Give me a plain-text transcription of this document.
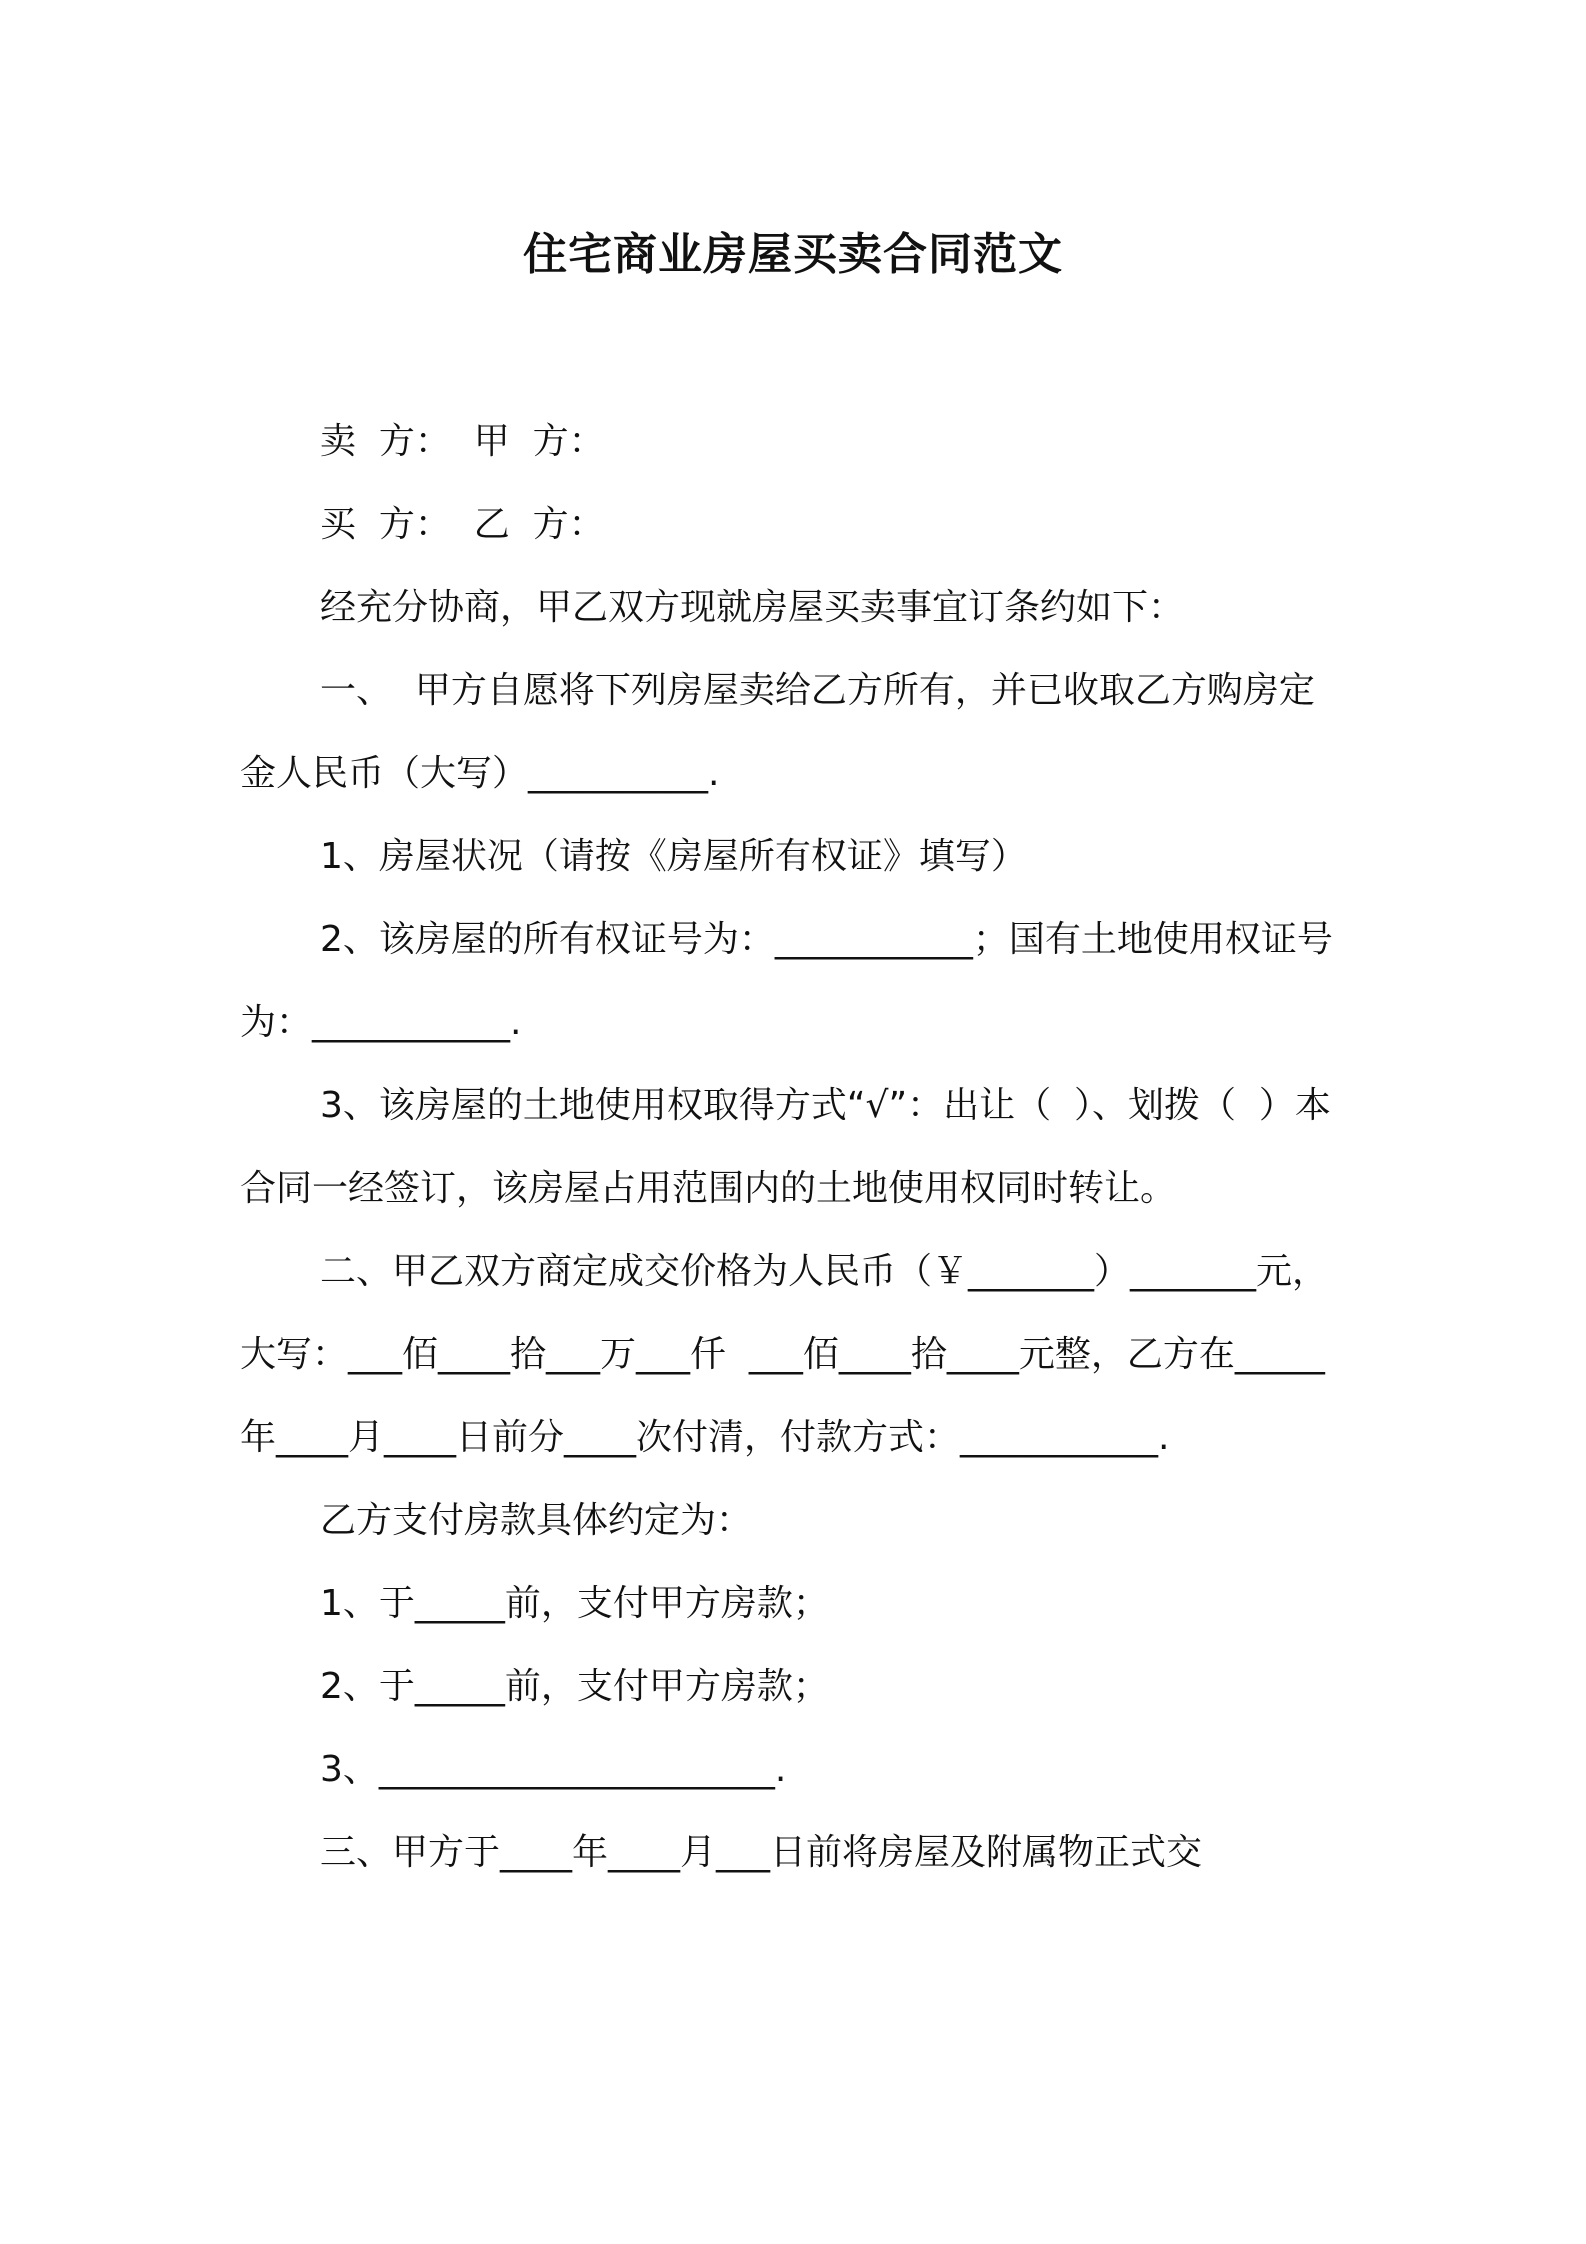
住宅商业房屋买卖合同范文

卖  方：  甲  方：

买  方：  乙  方：

经充分协商，甲乙双方现就房屋买卖事宜订条约如下：

一、  甲方自愿将下列房屋卖给乙方所有，并已收取乙方购房定金人民币（大写）__________.

1、房屋状况（请按《房屋所有权证》填写）

2、该房屋的所有权证号为：___________；国有土地使用权证号为：___________.

3、该房屋的土地使用权取得方式“√”：出让（  ）、划拨（  ）本合同一经签订，该房屋占用范围内的土地使用权同时转让。

二、甲乙双方商定成交价格为人民币（￥_______）_______元， 大写：___佰____拾___万___仟  ___佰____拾____元整，乙方在_____年____月____日前分____次付清，付款方式：___________.

乙方支付房款具体约定为：

1、于_____前，支付甲方房款；

2、于_____前，支付甲方房款；

3、______________________.

三、甲方于____年____月___日前将房屋及附属物正式交
